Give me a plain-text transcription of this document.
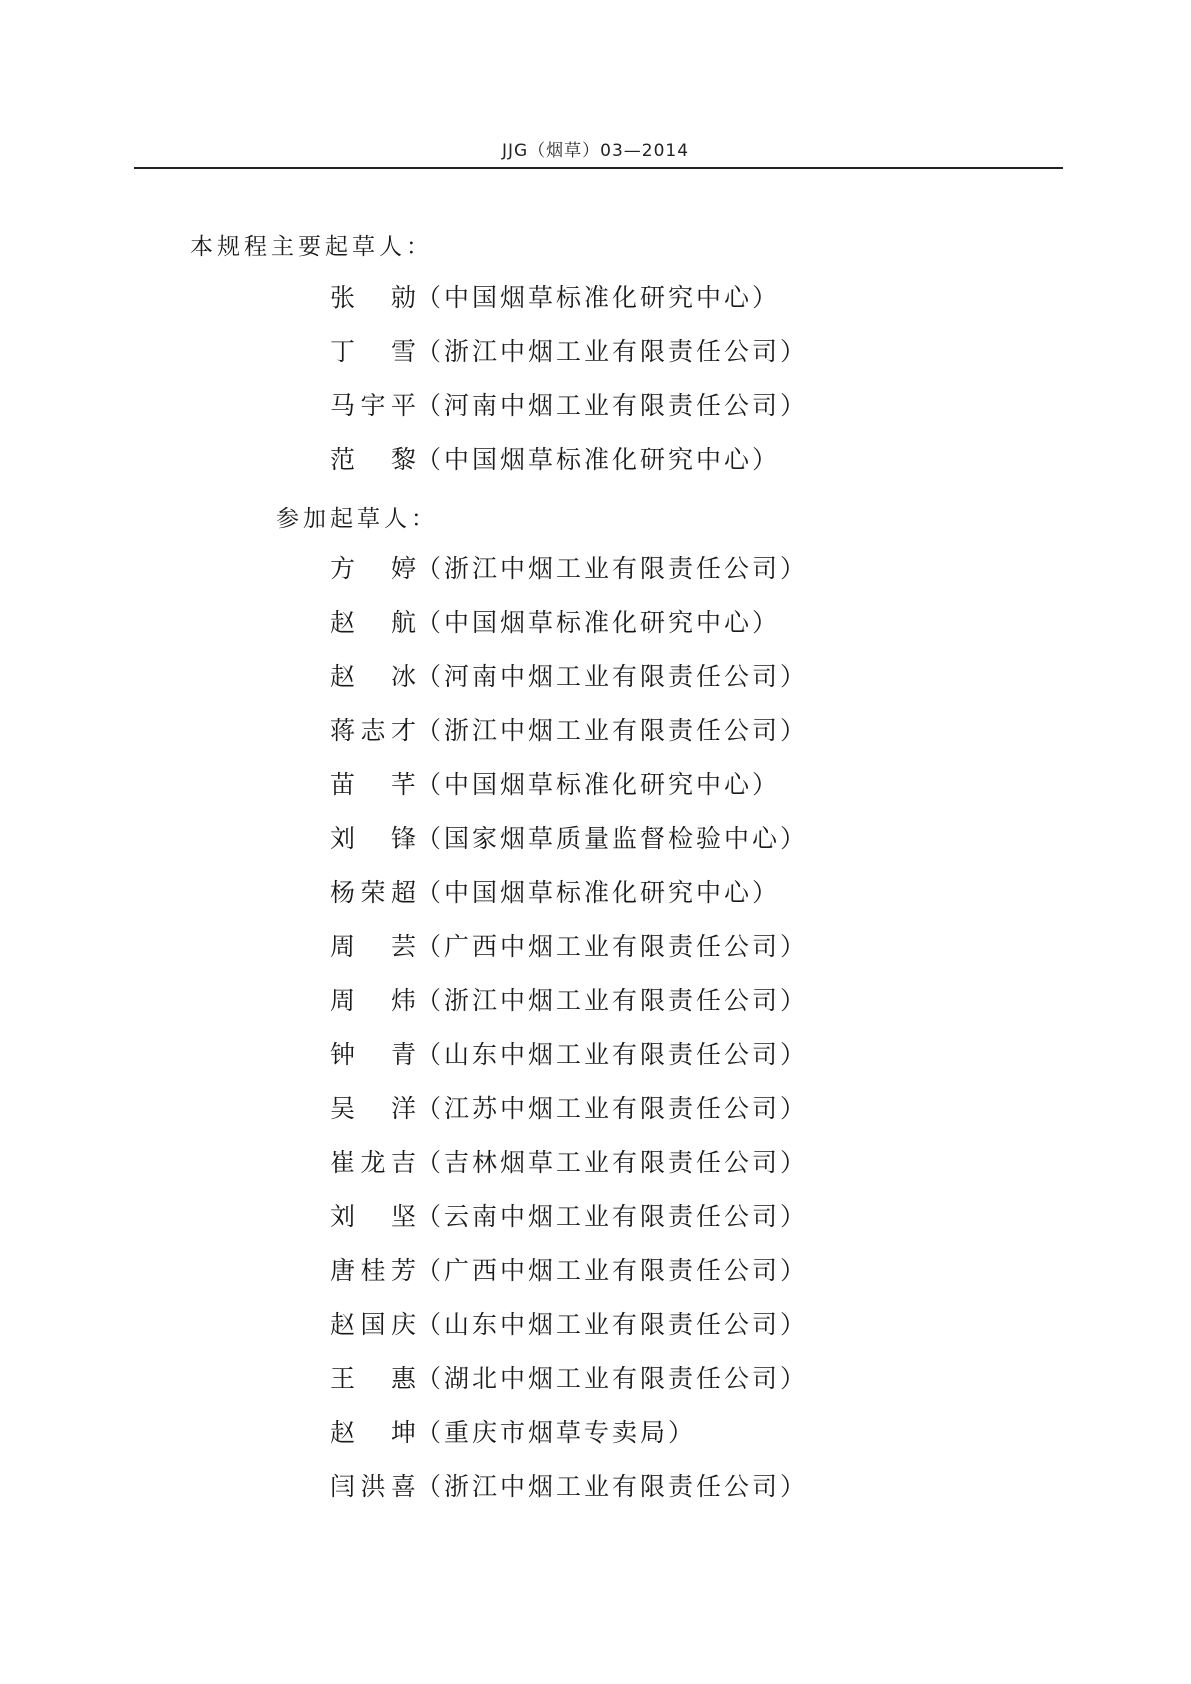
JJG（烟草）03—2014
本规程主要起草人：
张 勍 （中国烟草标准化研究中心）
丁 雪 （浙江中烟工业有限责任公司）
马宇平 （河南中烟工业有限责任公司）
范 黎 （中国烟草标准化研究中心）
参加起草人：
方 婷 （浙江中烟工业有限责任公司）
赵 航 （中国烟草标准化研究中心）
赵 冰 （河南中烟工业有限责任公司）
蒋志才 （浙江中烟工业有限责任公司）
苗 芊 （中国烟草标准化研究中心）
刘 锋 （国家烟草质量监督检验中心）
杨荣超 （中国烟草标准化研究中心）
周 芸 （广西中烟工业有限责任公司）
周 炜 （浙江中烟工业有限责任公司）
钟 青 （山东中烟工业有限责任公司）
吴 洋 （江苏中烟工业有限责任公司）
崔龙吉 （吉林烟草工业有限责任公司）
刘 坚 （云南中烟工业有限责任公司）
唐桂芳 （广西中烟工业有限责任公司）
赵国庆 （山东中烟工业有限责任公司）
王 惠 （湖北中烟工业有限责任公司）
赵 坤 （重庆市烟草专卖局）
闫洪喜 （浙江中烟工业有限责任公司）
